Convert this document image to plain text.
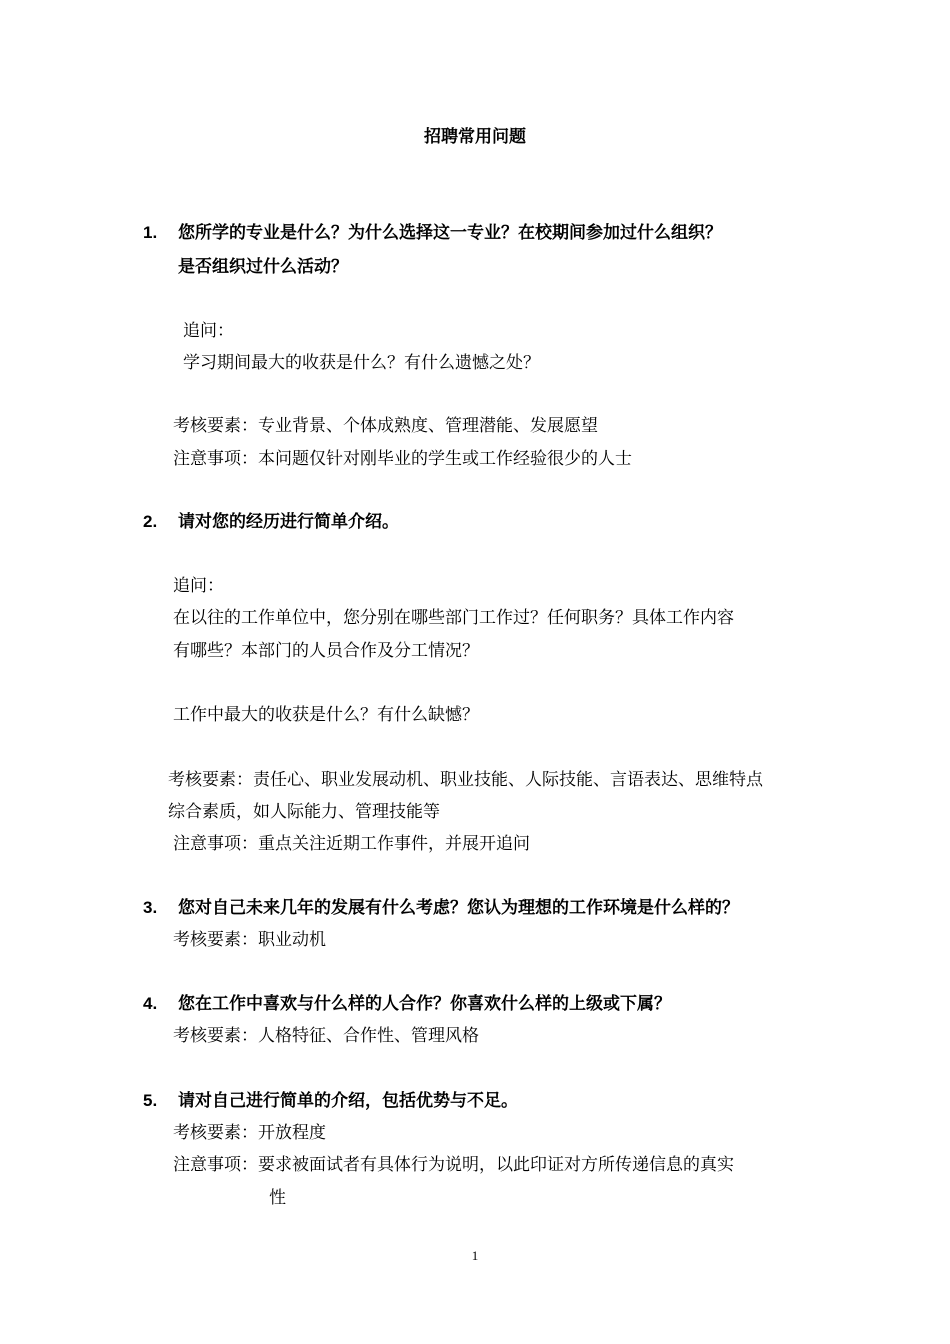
招聘常用问题
1. 您所学的专业是什么？为什么选择这一专业？在校期间参加过什么组织？
是否组织过什么活动？
追问：
学习期间最大的收获是什么？有什么遗憾之处？
考核要素：专业背景、个体成熟度、管理潜能、发展愿望
注意事项：本问题仅针对刚毕业的学生或工作经验很少的人士
2. 请对您的经历进行简单介绍。
追问：
在以往的工作单位中，您分别在哪些部门工作过？任何职务？具体工作内容
有哪些？本部门的人员合作及分工情况？
工作中最大的收获是什么？有什么缺憾？
考核要素：责任心、职业发展动机、职业技能、人际技能、言语表达、思维特点
综合素质，如人际能力、管理技能等
注意事项：重点关注近期工作事件，并展开追问
3. 您对自己未来几年的发展有什么考虑？您认为理想的工作环境是什么样的？
考核要素：职业动机
4. 您在工作中喜欢与什么样的人合作？你喜欢什么样的上级或下属？
考核要素：人格特征、合作性、管理风格
5. 请对自己进行简单的介绍，包括优势与不足。
考核要素：开放程度
注意事项：要求被面试者有具体行为说明，以此印证对方所传递信息的真实
性
1
